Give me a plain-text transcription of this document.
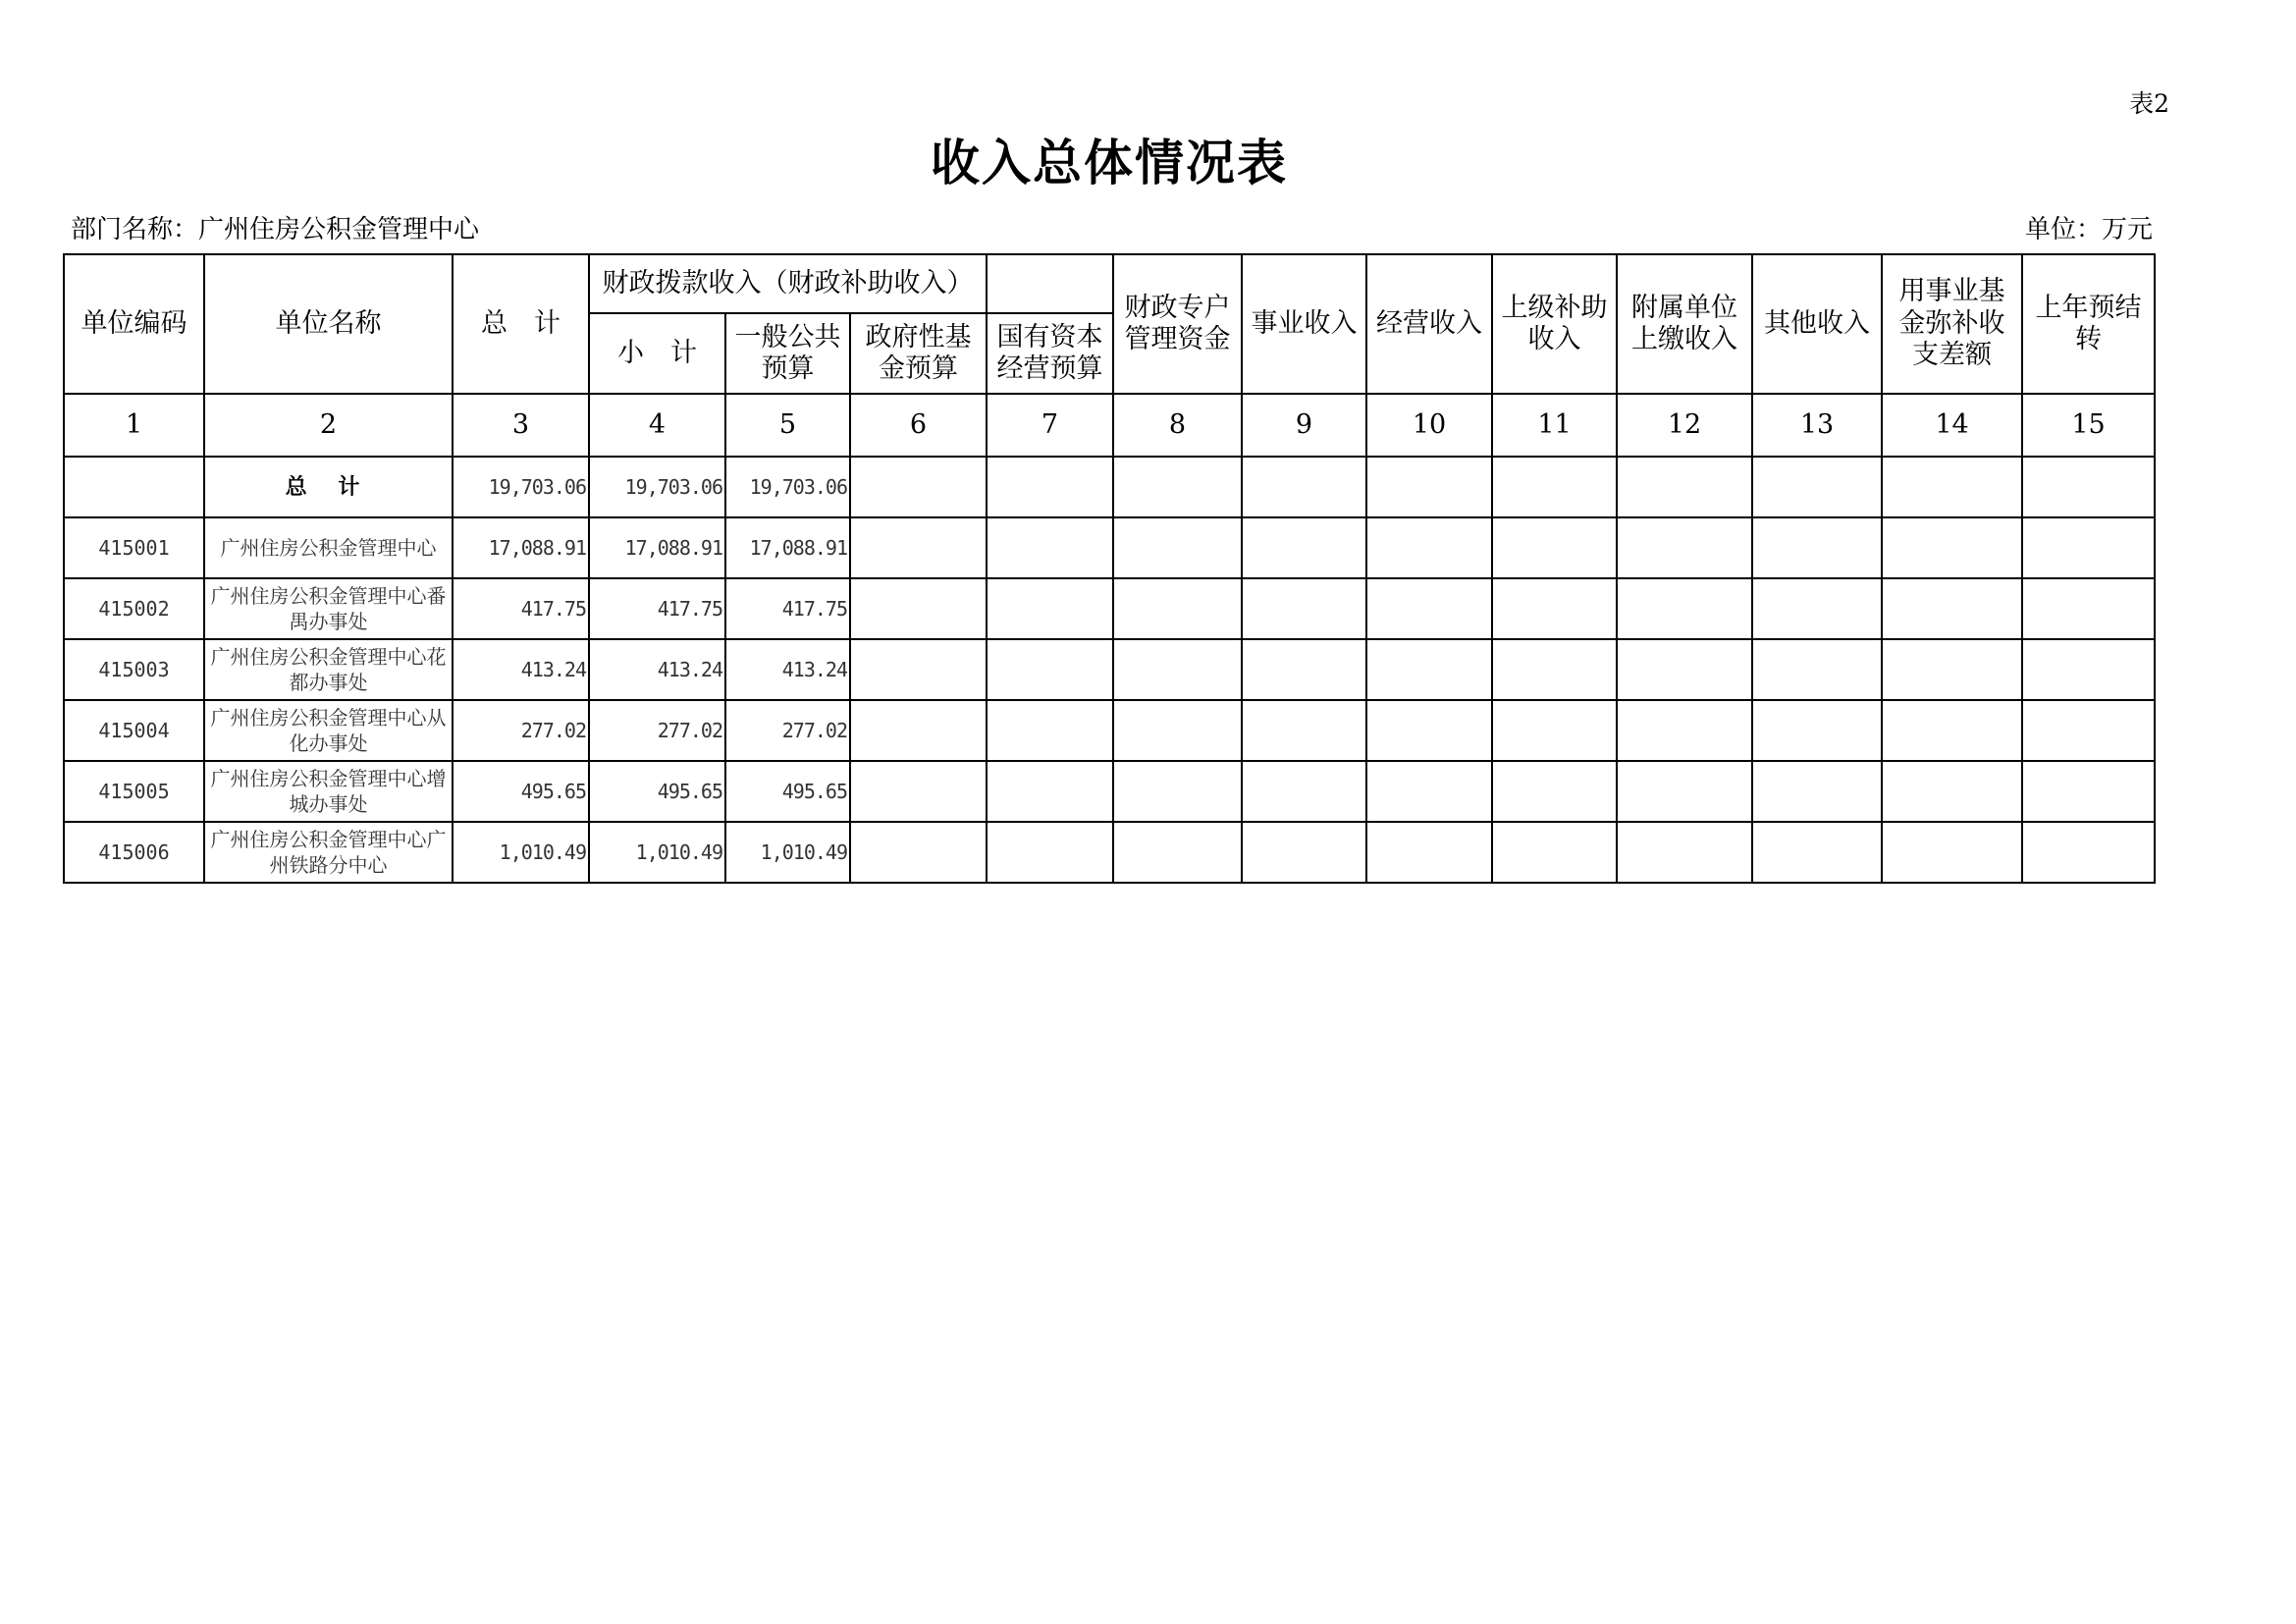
表2
收入总体情况表
部门名称：广州住房公积金管理中心	单位：万元
单位编码	单位名称	总　计	财政拨款收入（财政补助收入）				财政专户管理资金	事业收入	经营收入	上级补助收入	附属单位上缴收入	其他收入	用事业基金弥补收支差额	上年预结转
			小　计	一般公共预算	政府性基金预算	国有资本经营预算								
1	2	3	4	5	6	7	8	9	10	11	12	13	14	15
	总 计	19,703.06	19,703.06	19,703.06										
415001	广州住房公积金管理中心	17,088.91	17,088.91	17,088.91										
415002	广州住房公积金管理中心番禺办事处	417.75	417.75	417.75										
415003	广州住房公积金管理中心花都办事处	413.24	413.24	413.24										
415004	广州住房公积金管理中心从化办事处	277.02	277.02	277.02										
415005	广州住房公积金管理中心增城办事处	495.65	495.65	495.65										
415006	广州住房公积金管理中心广州铁路分中心	1,010.49	1,010.49	1,010.49										
